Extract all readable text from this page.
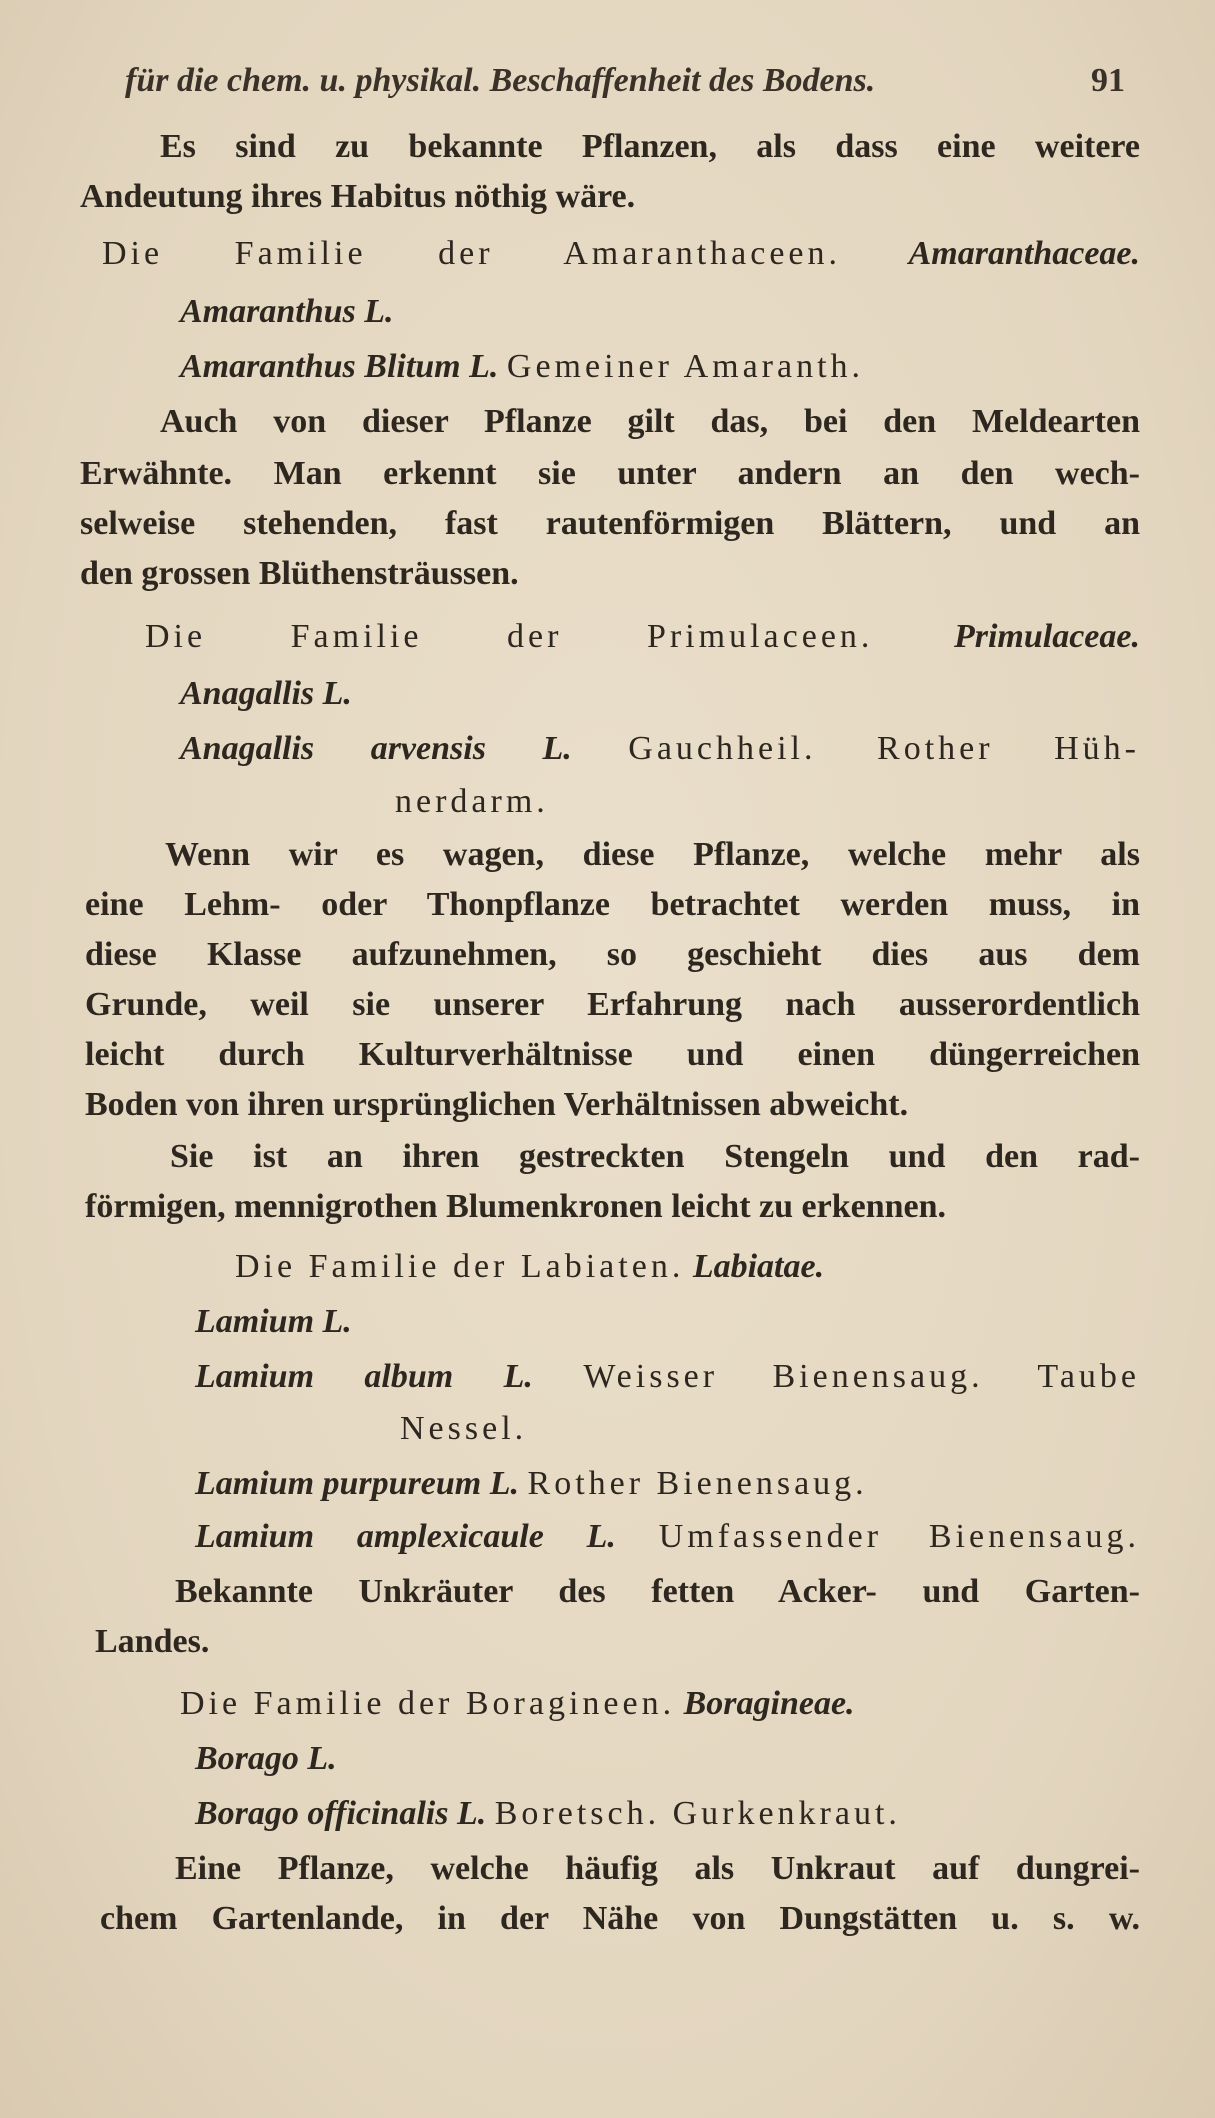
für die chem. u. physikal. Beschaffenheit des Bodens.	91
Es sind zu bekannte Pflanzen, als dass eine weitere
Andeutung ihres Habitus nöthig wäre.
Die Familie der Amaranthaceen. Amaranthaceae.
Amaranthus L.
Amaranthus Blitum L. Gemeiner Amaranth.
Auch von dieser Pflanze gilt das, bei den Meldearten
Erwähnte. Man erkennt sie unter andern an den wech-
selweise stehenden, fast rautenförmigen Blättern, und an
den grossen Blüthensträussen.
Die Familie der Primulaceen. Primulaceae.
Anagallis L.
Anagallis arvensis L. Gauchheil. Rother Hüh-
nerdarm.
Wenn wir es wagen, diese Pflanze, welche mehr als
eine Lehm- oder Thonpflanze betrachtet werden muss, in
diese Klasse aufzunehmen, so geschieht dies aus dem
Grunde, weil sie unserer Erfahrung nach ausserordentlich
leicht durch Kulturverhältnisse und einen düngerreichen
Boden von ihren ursprünglichen Verhältnissen abweicht.
Sie ist an ihren gestreckten Stengeln und den rad-
förmigen, mennigrothen Blumenkronen leicht zu erkennen.
Die Familie der Labiaten. Labiatae.
Lamium L.
Lamium album L. Weisser Bienensaug. Taube
Nessel.
Lamium purpureum L. Rother Bienensaug.
Lamium amplexicaule L. Umfassender Bienensaug.
Bekannte Unkräuter des fetten Acker- und Garten-
Landes.
Die Familie der Boragineen. Boragineae.
Borago L.
Borago officinalis L. Boretsch. Gurkenkraut.
Eine Pflanze, welche häufig als Unkraut auf dungrei-
chem Gartenlande, in der Nähe von Dungstätten u. s. w.
